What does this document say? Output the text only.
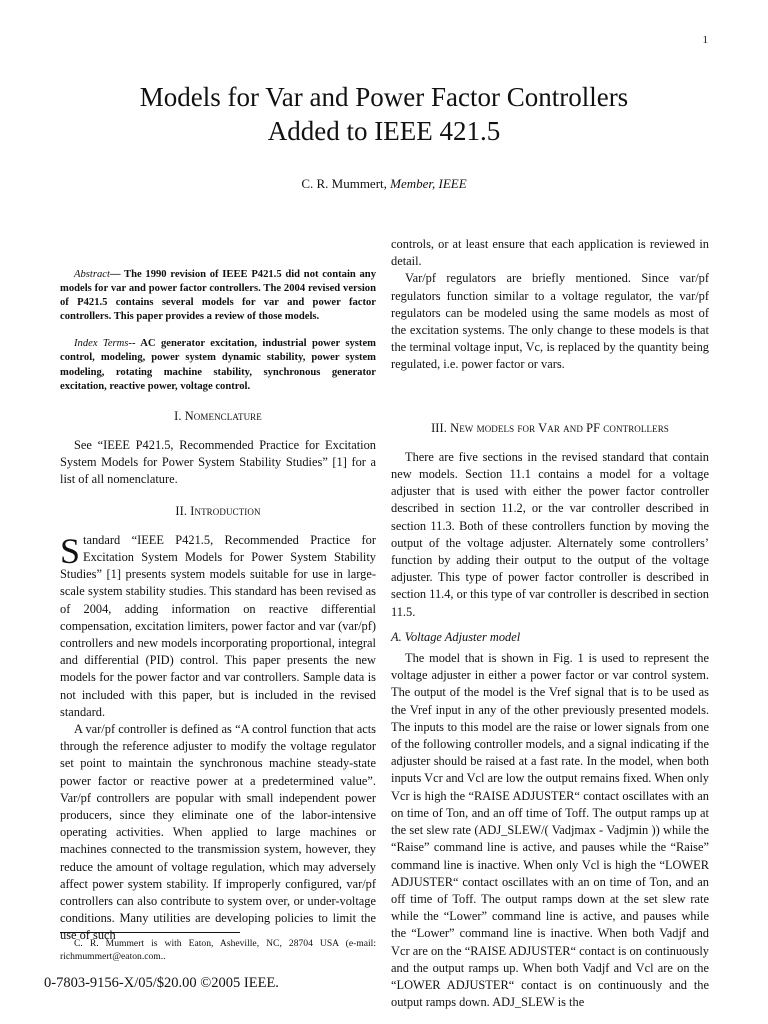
1
Models for Var and Power Factor Controllers
Added to IEEE 421.5
C. R. Mummert, Member, IEEE

Abstract— The 1990 revision of IEEE P421.5 did not contain any models for var and power factor controllers. The 2004 revised version of P421.5 contains several models for var and power factor controllers. This paper provides a review of those models.

Index Terms-- AC generator excitation, industrial power system control, modeling, power system dynamic stability, power system modeling, rotating machine stability, synchronous generator excitation, reactive power, voltage control.

I. Nomenclature

See “IEEE P421.5, Recommended Practice for Excitation System Models for Power System Stability Studies” [1] for a list of all nomenclature.

II. Introduction

Standard “IEEE P421.5, Recommended Practice for Excitation System Models for Power System Stability Studies” [1] presents system models suitable for use in large-scale system stability studies. This standard has been revised as of 2004, adding information on reactive differential compensation, excitation limiters, power factor and var (var/pf) controllers and new models incorporating proportional, integral and differential (PID) control. This paper presents the new models for the power factor and var controllers. Sample data is not included with this paper, but is included in the revised standard.

A var/pf controller is defined as “A control function that acts through the reference adjuster to modify the voltage regulator set point to maintain the synchronous machine steady-state power factor or reactive power at a predetermined value”. Var/pf controllers are popular with small independent power producers, since they eliminate one of the labor-intensive operating activities. When applied to large machines or machines connected to the transmission system, however, they reduce the amount of voltage regulation, which may adversely affect power system stability. If improperly configured, var/pf controllers can also contribute to system over, or under-voltage conditions. Many utilities are developing policies to limit the use of such

C. R. Mummert is with Eaton, Asheville, NC, 28704 USA (e-mail: richmummert@eaton.com..
0-7803-9156-X/05/$20.00 ©2005 IEEE.

controls, or at least ensure that each application is reviewed in detail.

Var/pf regulators are briefly mentioned. Since var/pf regulators function similar to a voltage regulator, the var/pf regulators can be modeled using the same models as most of the excitation systems. The only change to these models is that the terminal voltage input, Vc, is replaced by the quantity being regulated, i.e. power factor or vars.

III. New models for Var and PF controllers

There are five sections in the revised standard that contain new models. Section 11.1 contains a model for a voltage adjuster that is used with either the power factor controller described in section 11.2, or the var controller described in section 11.3. Both of these controllers function by moving the output of the voltage adjuster. Alternately some controllers’ function by adding their output to the output of the voltage adjuster. This type of power factor controller is described in section 11.4, or this type of var controller is described in section 11.5.

A. Voltage Adjuster model

The model that is shown in Fig. 1 is used to represent the voltage adjuster in either a power factor or var control system. The output of the model is the Vref signal that is to be used as the Vref input in any of the other previously presented models. The inputs to this model are the raise or lower signals from one of the following controller models, and a signal indicating if the adjuster should be raised at a fast rate. In the model, when both inputs Vcr and Vcl are low the output remains fixed. When only Vcr is high the “RAISE ADJUSTER“ contact oscillates with an on time of Ton, and an off time of Toff. The output ramps up at the set slew rate (ADJ_SLEW/( Vadjmax - Vadjmin )) while the “Raise” command line is active, and pauses while the “Raise” command line is inactive. When only Vcl is high the “LOWER ADJUSTER“ contact oscillates with an on time of Ton, and an off time of Toff. The output ramps down at the set slew rate while the “Lower” command line is active, and pauses while the “Lower” command line is inactive. When both Vadjf and Vcr are on the “RAISE ADJUSTER“ contact is on continuously and the output ramps up. When both Vadjf and Vcl are on the “LOWER ADJUSTER“ contact is on continuously and the output ramps down. ADJ_SLEW is the
